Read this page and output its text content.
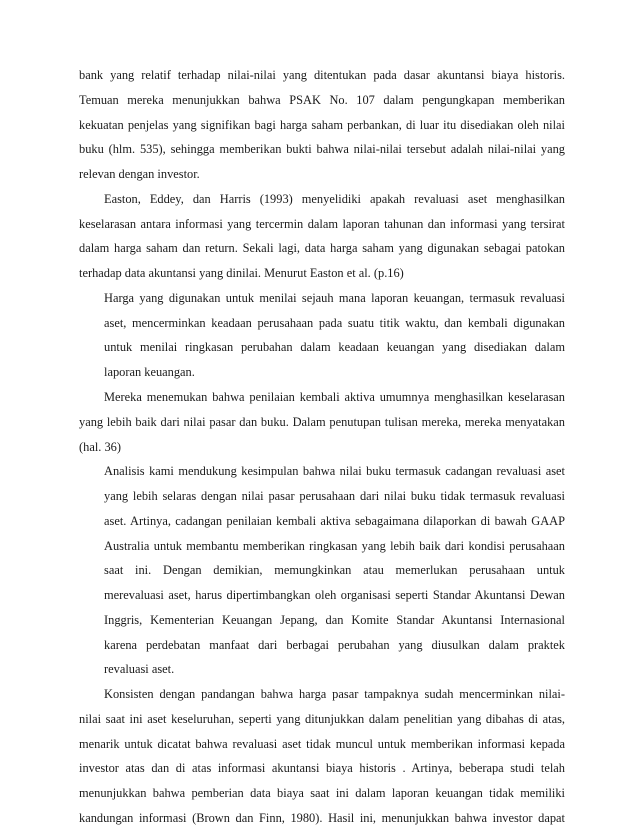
bank yang relatif terhadap nilai-nilai yang ditentukan pada dasar akuntansi biaya historis.

Temuan mereka menunjukkan bahwa PSAK No. 107 dalam pengungkapan memberikan

kekuatan penjelas yang signifikan bagi harga saham perbankan, di luar itu disediakan oleh nilai

buku (hlm. 535), sehingga memberikan bukti bahwa nilai-nilai tersebut adalah nilai-nilai yang

relevan dengan investor.

Easton, Eddey, dan Harris (1993) menyelidiki apakah revaluasi aset menghasilkan

keselarasan antara informasi yang tercermin dalam laporan tahunan dan informasi yang tersirat

dalam harga saham dan return. Sekali lagi, data harga saham yang digunakan sebagai patokan

terhadap data akuntansi yang dinilai. Menurut Easton et al. (p.16)

Harga yang digunakan untuk menilai sejauh mana laporan keuangan, termasuk revaluasi

aset, mencerminkan keadaan perusahaan pada suatu titik waktu, dan kembali digunakan

untuk menilai ringkasan perubahan dalam keadaan keuangan yang disediakan dalam

laporan keuangan.

Mereka menemukan bahwa penilaian kembali aktiva umumnya menghasilkan keselarasan

yang lebih baik dari nilai pasar dan buku. Dalam penutupan tulisan mereka, mereka menyatakan

(hal. 36)

Analisis kami mendukung kesimpulan bahwa nilai buku termasuk cadangan revaluasi aset

yang lebih selaras dengan nilai pasar perusahaan dari nilai buku tidak termasuk revaluasi

aset. Artinya, cadangan penilaian kembali aktiva sebagaimana dilaporkan di bawah GAAP

Australia untuk membantu memberikan ringkasan yang lebih baik dari kondisi perusahaan

saat ini. Dengan demikian, memungkinkan atau memerlukan perusahaan untuk

merevaluasi aset, harus dipertimbangkan oleh organisasi seperti Standar Akuntansi Dewan

Inggris, Kementerian Keuangan Jepang, dan Komite Standar Akuntansi Internasional

karena perdebatan manfaat dari berbagai perubahan yang diusulkan dalam praktek

revaluasi aset.

Konsisten dengan pandangan bahwa harga pasar tampaknya sudah mencerminkan nilai-

nilai saat ini aset keseluruhan, seperti yang ditunjukkan dalam penelitian yang dibahas di atas,

menarik untuk dicatat bahwa revaluasi aset tidak muncul untuk memberikan informasi kepada

investor atas dan di atas informasi akuntansi biaya historis . Artinya, beberapa studi telah

menunjukkan bahwa pemberian data biaya saat ini dalam laporan keuangan tidak memiliki

kandungan informasi (Brown dan Finn, 1980). Hasil ini, menunjukkan bahwa investor dapat
